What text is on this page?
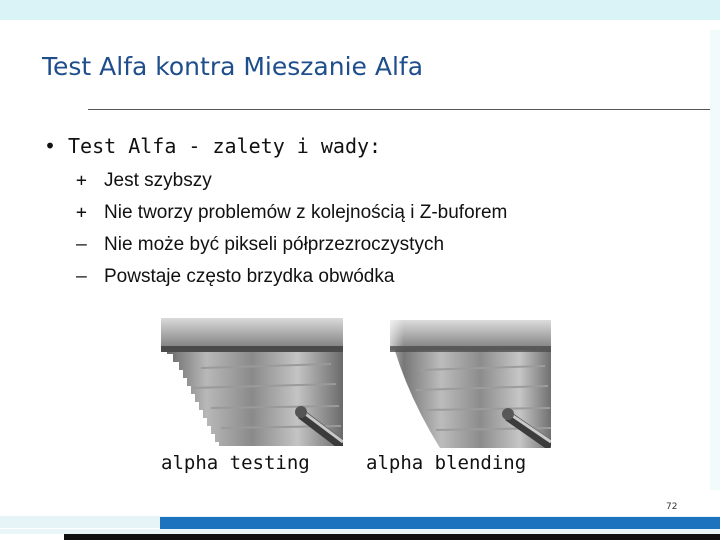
Test Alfa kontra Mieszanie Alfa
• Test Alfa - zalety i wady:
+ Jest szybszy
+ Nie tworzy problemów z kolejnością i Z-buforem
– Nie może być pikseli półprzezroczystych
– Powstaje często brzydka obwódka
alpha testing	alpha blending
72
